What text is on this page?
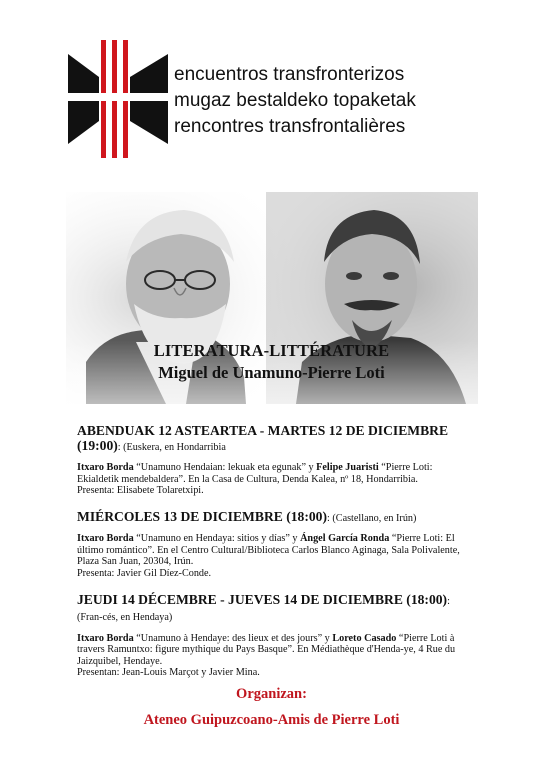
encuentros transfronterizos
mugaz bestaldeko topaketak
rencontres transfrontalières
LITERATURA-LITTÉRATURE
Miguel de Unamuno-Pierre Loti
ABENDUAK 12 ASTEARTEA - MARTES 12 DE DICIEMBRE (19:00): (Euskera, en Hondarribia
Itxaro Borda “Unamuno Hendaian: lekuak eta egunak” y Felipe Juaristi “Pierre Loti: Ekialdetik mendebaldera”. En la Casa de Cultura, Denda Kalea, nº 18, Hondarribia.
Presenta: Elisabete Tolaretxipi.
MIÉRCOLES 13 DE DICIEMBRE (18:00): (Castellano, en Irún)
Itxaro Borda “Unamuno en Hendaya: sitios y días” y Ángel García Ronda “Pierre Loti: El último romántico”. En el Centro Cultural/Biblioteca Carlos Blanco Aginaga, Sala Polivalente, Plaza San Juan, 20304, Irún.
Presenta: Javier Gil Díez-Conde.
JEUDI 14 DÉCEMBRE - JUEVES 14 DE DICIEMBRE (18:00): (Fran-cés, en Hendaya)
Itxaro Borda “Unamuno à Hendaye: des lieux et des jours” y Loreto Casado “Pierre Loti à travers Ramuntxo: figure mythique du Pays Basque”. En Médiathèque d'Henda-ye, 4 Rue du Jaizquibel, Hendaye.
Presentan: Jean-Louis Marçot y Javier Mina.
Organizan:
Ateneo Guipuzcoano-Amis de Pierre Loti
